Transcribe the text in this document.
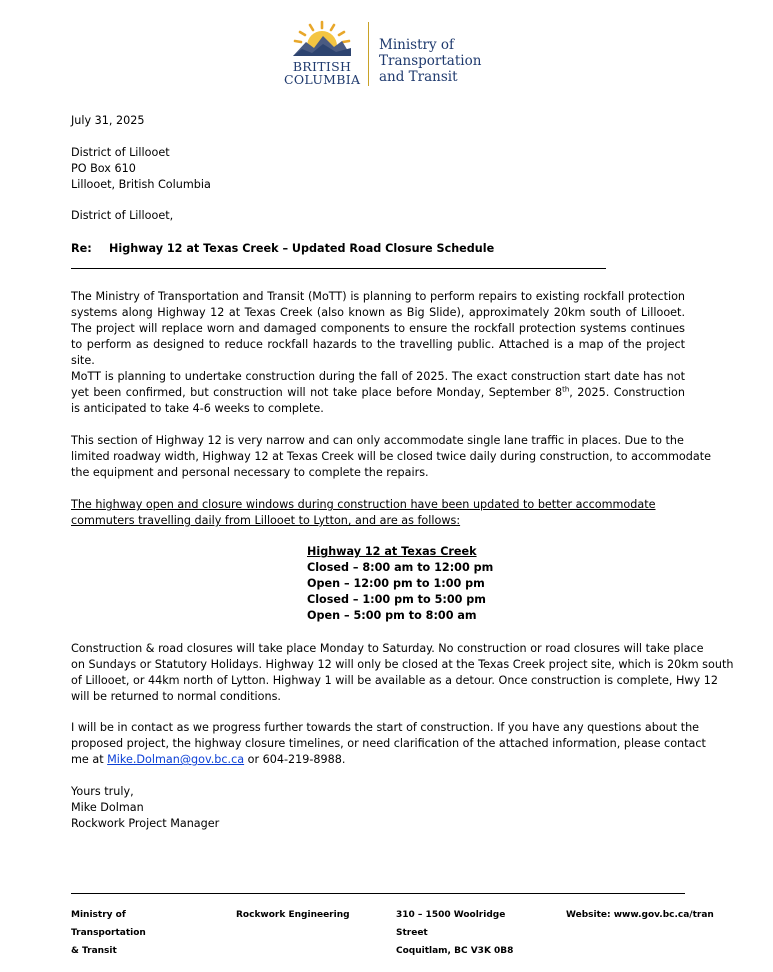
BRITISH
COLUMBIA
Ministry of
Transportation
and Transit
July 31, 2025
District of Lillooet
PO Box 610
Lillooet, British Columbia
District of Lillooet,
Re: Highway 12 at Texas Creek – Updated Road Closure Schedule
The Ministry of Transportation and Transit (MoTT) is planning to perform repairs to existing rockfall protection systems along Highway 12 at Texas Creek (also known as Big Slide), approximately 20km south of Lillooet. The project will replace worn and damaged components to ensure the rockfall protection systems continues to perform as designed to reduce rockfall hazards to the travelling public. Attached is a map of the project site.
MoTT is planning to undertake construction during the fall of 2025. The exact construction start date has not yet been confirmed, but construction will not take place before Monday, September 8th, 2025. Construction is anticipated to take 4-6 weeks to complete.
This section of Highway 12 is very narrow and can only accommodate single lane traffic in places. Due to the
limited roadway width, Highway 12 at Texas Creek will be closed twice daily during construction, to accommodate
the equipment and personal necessary to complete the repairs.
The highway open and closure windows during construction have been updated to better accommodate
commuters travelling daily from Lillooet to Lytton, and are as follows:
Highway 12 at Texas Creek
Closed – 8:00 am to 12:00 pm
Open – 12:00 pm to 1:00 pm
Closed – 1:00 pm to 5:00 pm
Open – 5:00 pm to 8:00 am
Construction & road closures will take place Monday to Saturday. No construction or road closures will take place
on Sundays or Statutory Holidays. Highway 12 will only be closed at the Texas Creek project site, which is 20km south
of Lillooet, or 44km north of Lytton. Highway 1 will be available as a detour. Once construction is complete, Hwy 12
will be returned to normal conditions.
I will be in contact as we progress further towards the start of construction. If you have any questions about the
proposed project, the highway closure timelines, or need clarification of the attached information, please contact
me at Mike.Dolman@gov.bc.ca or 604-219-8988.
Yours truly,
Mike Dolman
Rockwork Project Manager
Ministry of
Transportation
& Transit
Rockwork Engineering	310 – 1500 Woolridge
Street
Coquitlam, BC V3K 0B8
Website: www.gov.bc.ca/tran
